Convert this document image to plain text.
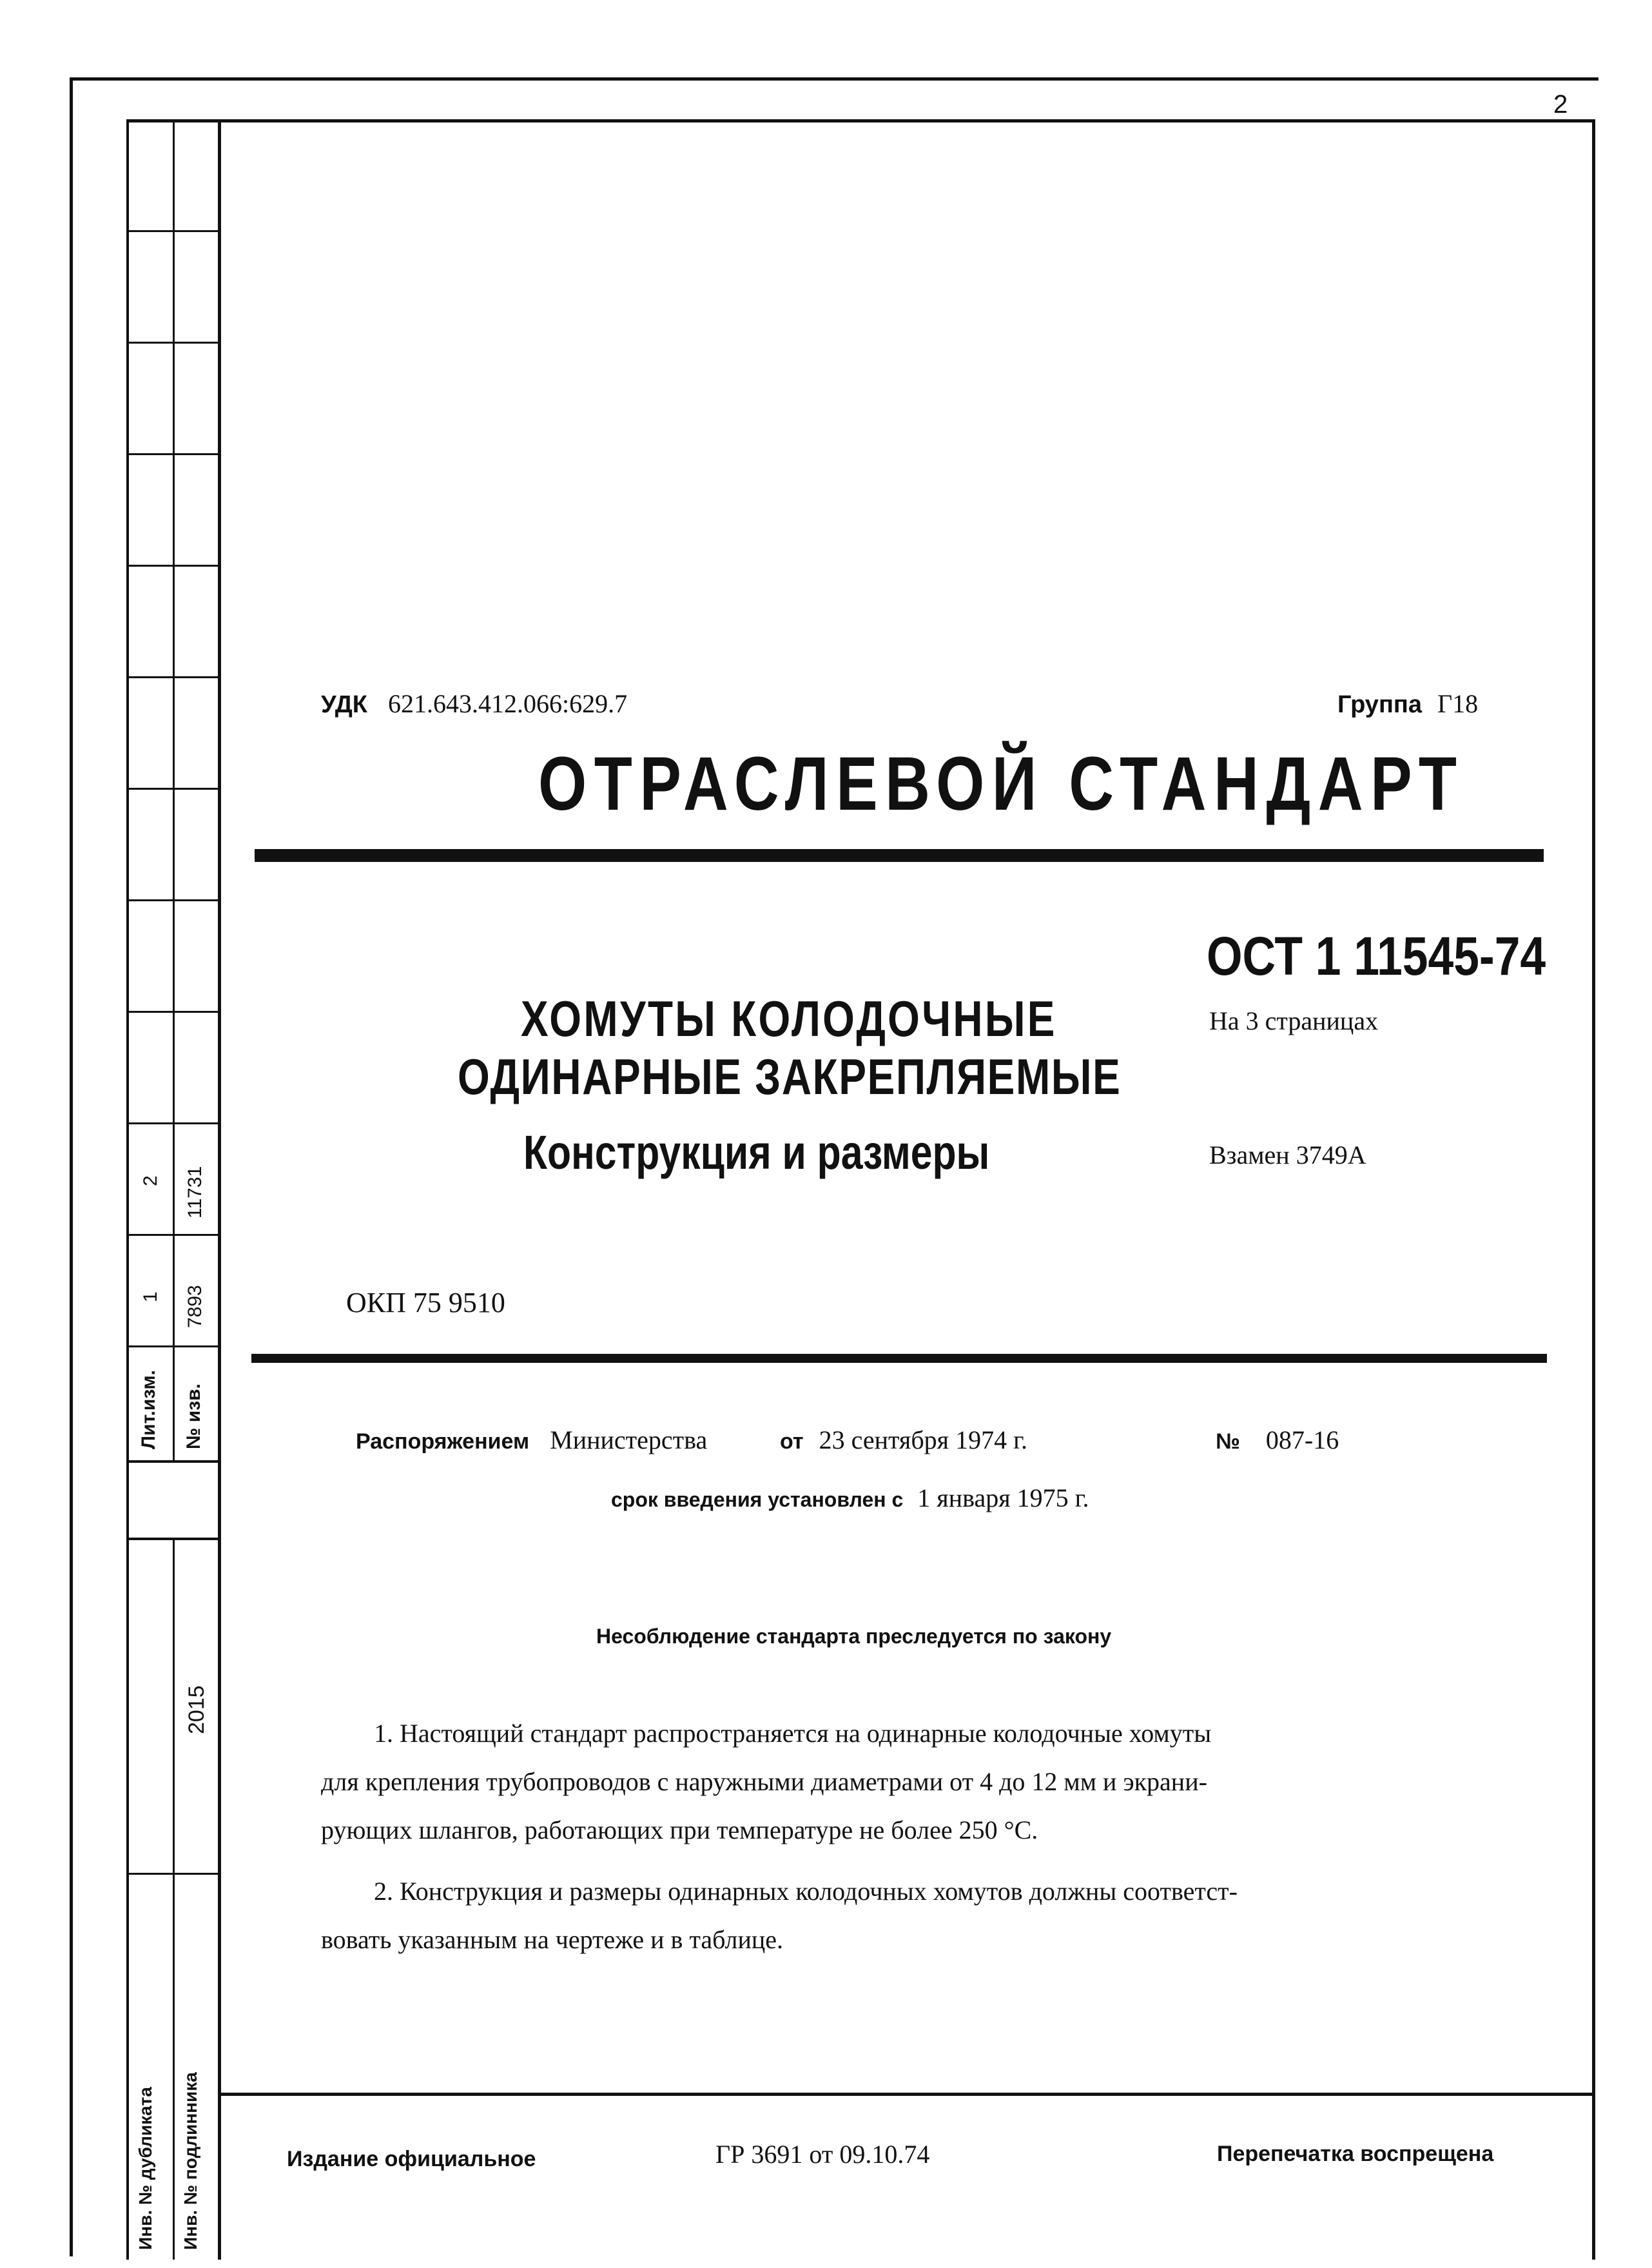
1
2
7893
11731
Лит.изм. № изв.
2015
Инв. № дубликата Инв. № подлинника
2
УДК 621.643.412.066:629.7	Группа Г18
ОТРАСЛЕВОЙ СТАНДАРТ
ОСТ 1 11545-74
ХОМУТЫ КОЛОДОЧНЫЕ
ОДИНАРНЫЕ ЗАКРЕПЛЯЕМЫЕ
Конструкция и размеры
На 3 страницах
Взамен 3749А
ОКП 75 9510
Распоряжением Министерства	от 23 сентября 1974 г.	№ 087-16
срок введения установлен с 1 января 1975 г.
Несоблюдение стандарта преследуется по закону
1. Настоящий стандарт распространяется на одинарные колодочные хомуты
для крепления трубопроводов с наружными диаметрами от 4 до 12 мм и экрани-
рующих шлангов, работающих при температуре не более 250 °С.
2. Конструкция и размеры одинарных колодочных хомутов должны соответст-
вовать указанным на чертеже и в таблице.
Издание официальное	ГР 3691 от 09.10.74	Перепечатка воспрещена
